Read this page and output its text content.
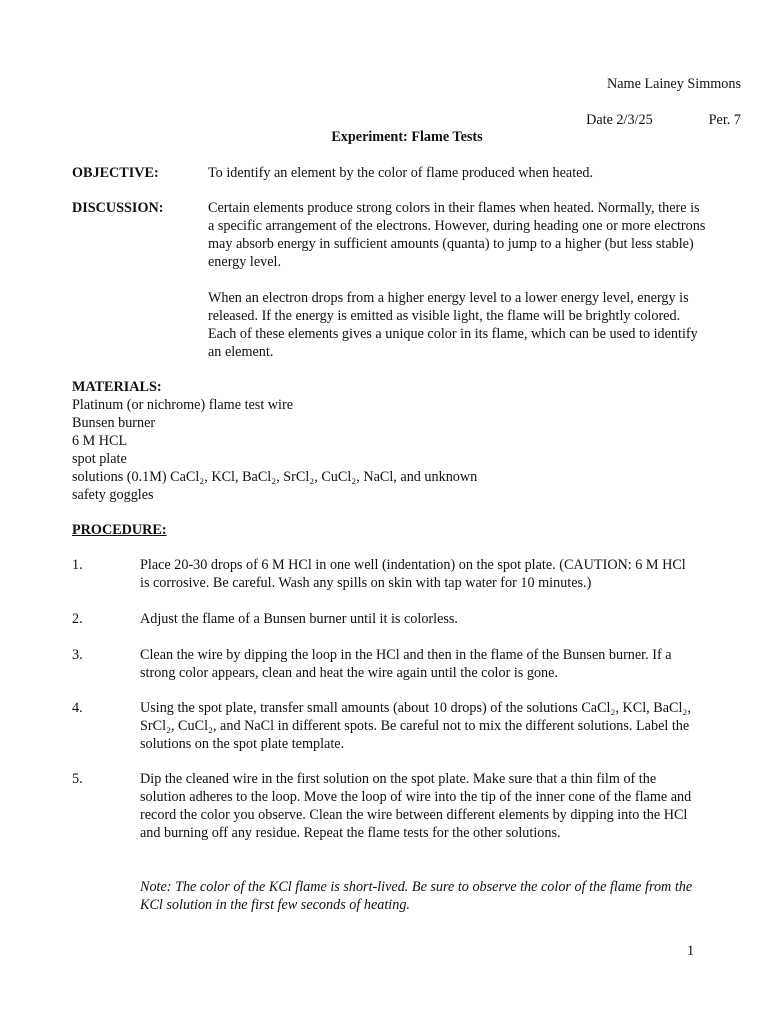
Name Lainey Simmons

Date 2/3/25	Per. 7

Experiment: Flame Tests
OBJECTIVE:	To identify an element by the color of flame produced when heated.
DISCUSSION:	Certain elements produce strong colors in their flames when heated. Normally, there is a specific arrangement of the electrons. However, during heading one or more electrons may absorb energy in sufficient amounts (quanta) to jump to a higher (but less stable) energy level.

When an electron drops from a higher energy level to a lower energy level, energy is released. If the energy is emitted as visible light, the flame will be brightly colored. Each of these elements gives a unique color in its flame, which can be used to identify an element.

MATERIALS:
Platinum (or nichrome) flame test wire
Bunsen burner
6 M HCL
spot plate
solutions (0.1M) CaCl₂, KCl, BaCl₂, SrCl₂, CuCl₂, NaCl, and unknown
safety goggles
PROCEDURE:
1.	Place 20-30 drops of 6 M HCl in one well (indentation) on the spot plate. (CAUTION: 6 M HCl is corrosive. Be careful. Wash any spills on skin with tap water for 10 minutes.)
2.	Adjust the flame of a Bunsen burner until it is colorless.
3.	Clean the wire by dipping the loop in the HCl and then in the flame of the Bunsen burner. If a strong color appears, clean and heat the wire again until the color is gone.
4.	Using the spot plate, transfer small amounts (about 10 drops) of the solutions CaCl₂, KCl, BaCl₂, SrCl₂, CuCl₂, and NaCl in different spots. Be careful not to mix the different solutions. Label the solutions on the spot plate template.
5.	Dip the cleaned wire in the first solution on the spot plate. Make sure that a thin film of the solution adheres to the loop. Move the loop of wire into the tip of the inner cone of the flame and record the color you observe. Clean the wire between different elements by dipping into the HCl and burning off any residue. Repeat the flame tests for the other solutions.
Note: The color of the KCl flame is short-lived. Be sure to observe the color of the flame from the KCl solution in the first few seconds of heating.
1
